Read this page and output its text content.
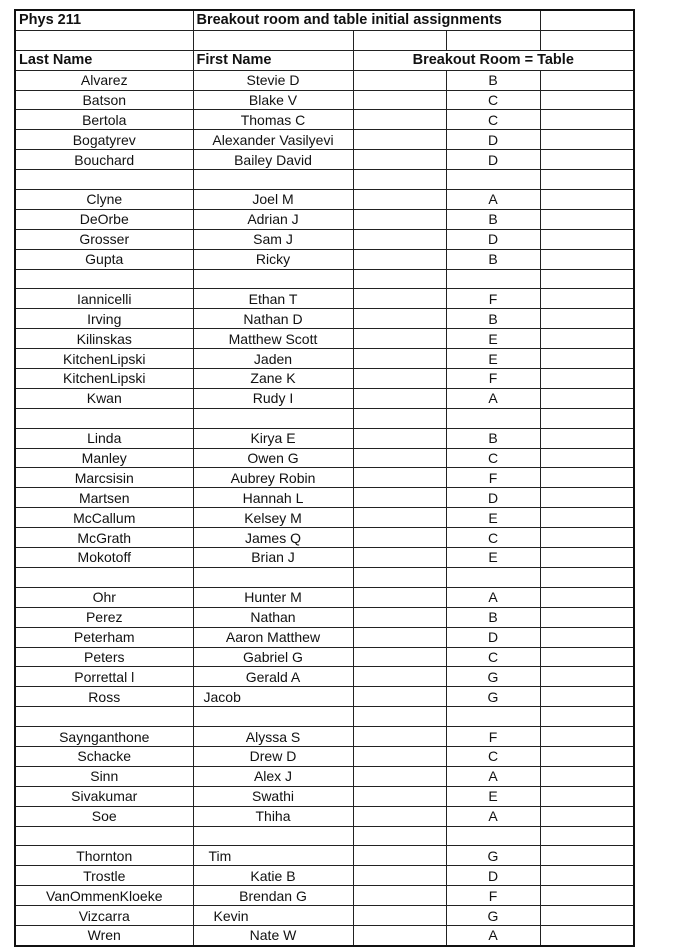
Phys 211	Breakout room and table initial assignments			

Last Name	First Name	Breakout Room = Table		
Alvarez	Stevie D		B	
Batson	Blake V		C	
Bertola	Thomas C		C	
Bogatyrev	Alexander Vasilyevi		D	
Bouchard	Bailey David		D	

Clyne	Joel M		A	
DeOrbe	Adrian J		B	
Grosser	Sam J		D	
Gupta	Ricky		B	

Iannicelli	Ethan T		F	
Irving	Nathan D		B	
Kilinskas	Matthew Scott		E	
KitchenLipski	Jaden		E	
KitchenLipski	Zane K		F	
Kwan	Rudy I		A	

Linda	Kirya E		B	
Manley	Owen G		C	
Marcsisin	Aubrey Robin		F	
Martsen	Hannah L		D	
McCallum	Kelsey M		E	
McGrath	James Q		C	
Mokotoff	Brian J		E	

Ohr	Hunter M		A	
Perez	Nathan		B	
Peterham	Aaron Matthew		D	
Peters	Gabriel G		C	
Porrettal l	Gerald A		G	
Ross	Jacob		G	

Saynganthone	Alyssa S		F	
Schacke	Drew D		C	
Sinn	Alex J		A	
Sivakumar	Swathi		E	
Soe	Thiha		A	

Thornton	Tim		G	
Trostle	Katie B		D	
VanOmmenKloeke	Brendan G		F	
Vizcarra	Kevin		G	
Wren	Nate W		A	
